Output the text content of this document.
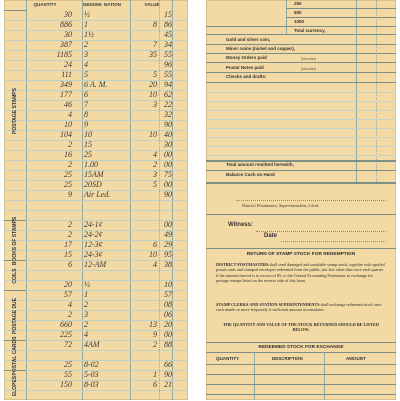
QUANTITY	DENOMI- NATION	VALUE
30 ½	15
886 1	8 86
30 1½	45
387 2	7 34
1185 3	35 55
24 4	96
111 5	5 55
349 6 A. M.	20 94
177 6	10 62
46 7	3 22
4 8	32
10 9	90
104 10	10 40
2 15	30
16 25	4 00
2 1.00	2 00
25 15AM	3 75
25 20SD	5 00
9 Air Led.	90
2 24-1¢	00
2 24-2¢	49
17 12-3¢	6 29
15 24-3¢	10 95
6 12-AM	4 38
20 ½	10
57 1	57
4 2	08
2 3	06
660 2	13 20
225 4	9 00
72 4AM	2 88
25 8-02	66
55 5-03	1 90
150 8-03	6 21
POSTAGE STAMPS
BOOKS OF STAMPS
COILS
POSTAGE DUE
POSTAL CARDS
ELOPES
250
500
1000
Total currency,
Gold and silver coin,
Minor coins (nickel and copper),
Money Orders paid
Postal Notes paid
(Voucher)
(Voucher)
Checks and drafts:
Total amount remitted herewith,
Balance Cash on Hand
District Postmaster, Superintendent, Clerk.
Witness:
Date
RETURN OF STAMP STOCK FOR REDEMPTION
DISTRICT POSTMASTERS shall send damaged and unsalable stamp stock, together with spoiled postal cards and stamped envelopes redeemed from the public, not less often than once each quarter if the amount thereof is in excess of $5, to the Central Accounting Postmaster in exchange for postage stamps listed on the reverse side of this form.
STAMP CLERKS AND STATION SUPERINTENDENTS shall exchange redeemed stock once each month or more frequently if sufficient amount accumulates.
THE QUANTITY AND VALUE OF THE STOCK RETURNED SHOULD BE LISTED BELOW.
REDEEMED STOCK FOR EXCHANGE
QUANTITY	DESCRIPTION	AMOUNT
